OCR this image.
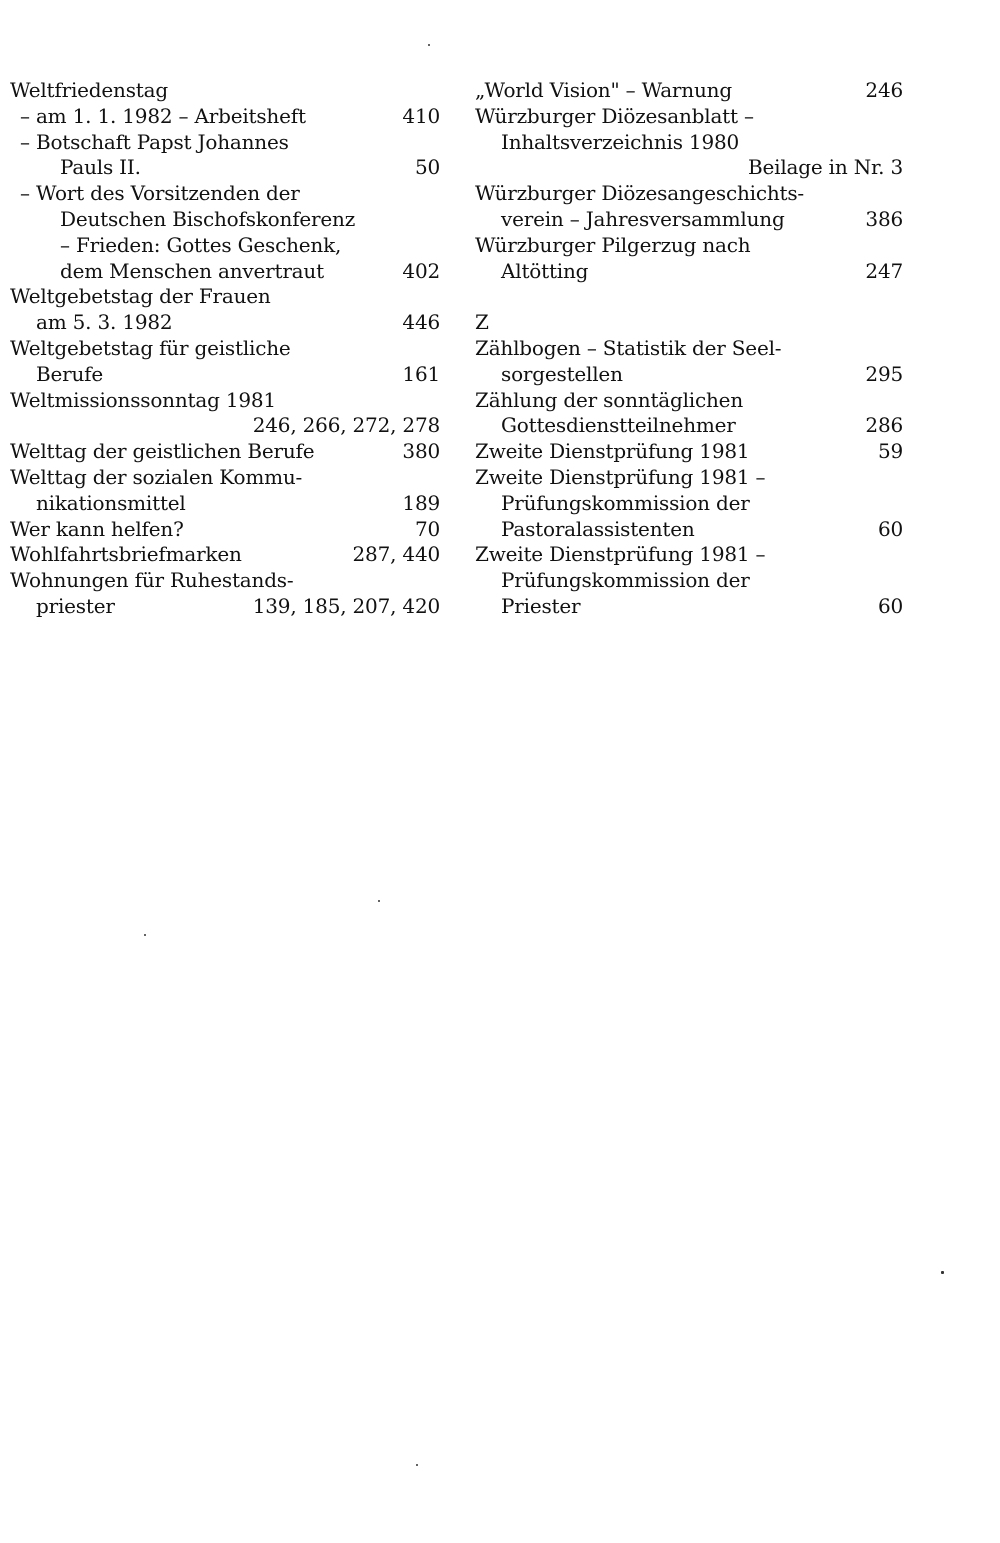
Weltfriedenstag
– am 1. 1. 1982 – Arbeitsheft	410
– Botschaft Papst Johannes
Pauls II.	50
– Wort des Vorsitzenden der
Deutschen Bischofskonferenz
– Frieden: Gottes Geschenk,
dem Menschen anvertraut	402
Weltgebetstag der Frauen
am 5. 3. 1982	446
Weltgebetstag für geistliche
Berufe	161
Weltmissionssonntag 1981
246, 266, 272, 278
Welttag der geistlichen Berufe	380
Welttag der sozialen Kommu-
nikationsmittel	189
Wer kann helfen?	70
Wohlfahrtsbriefmarken	287, 440
Wohnungen für Ruhestands-
priester	139, 185, 207, 420
„World Vision" – Warnung	246
Würzburger Diözesanblatt –
Inhaltsverzeichnis 1980
Beilage in Nr. 3
Würzburger Diözesangeschichts-
verein – Jahresversammlung	386
Würzburger Pilgerzug nach
Altötting	247
Z
Zählbogen – Statistik der Seel-
sorgestellen	295
Zählung der sonntäglichen
Gottesdienstteilnehmer	286
Zweite Dienstprüfung 1981	59
Zweite Dienstprüfung 1981 –
Prüfungskommission der
Pastoralassistenten	60
Zweite Dienstprüfung 1981 –
Prüfungskommission der
Priester	60
